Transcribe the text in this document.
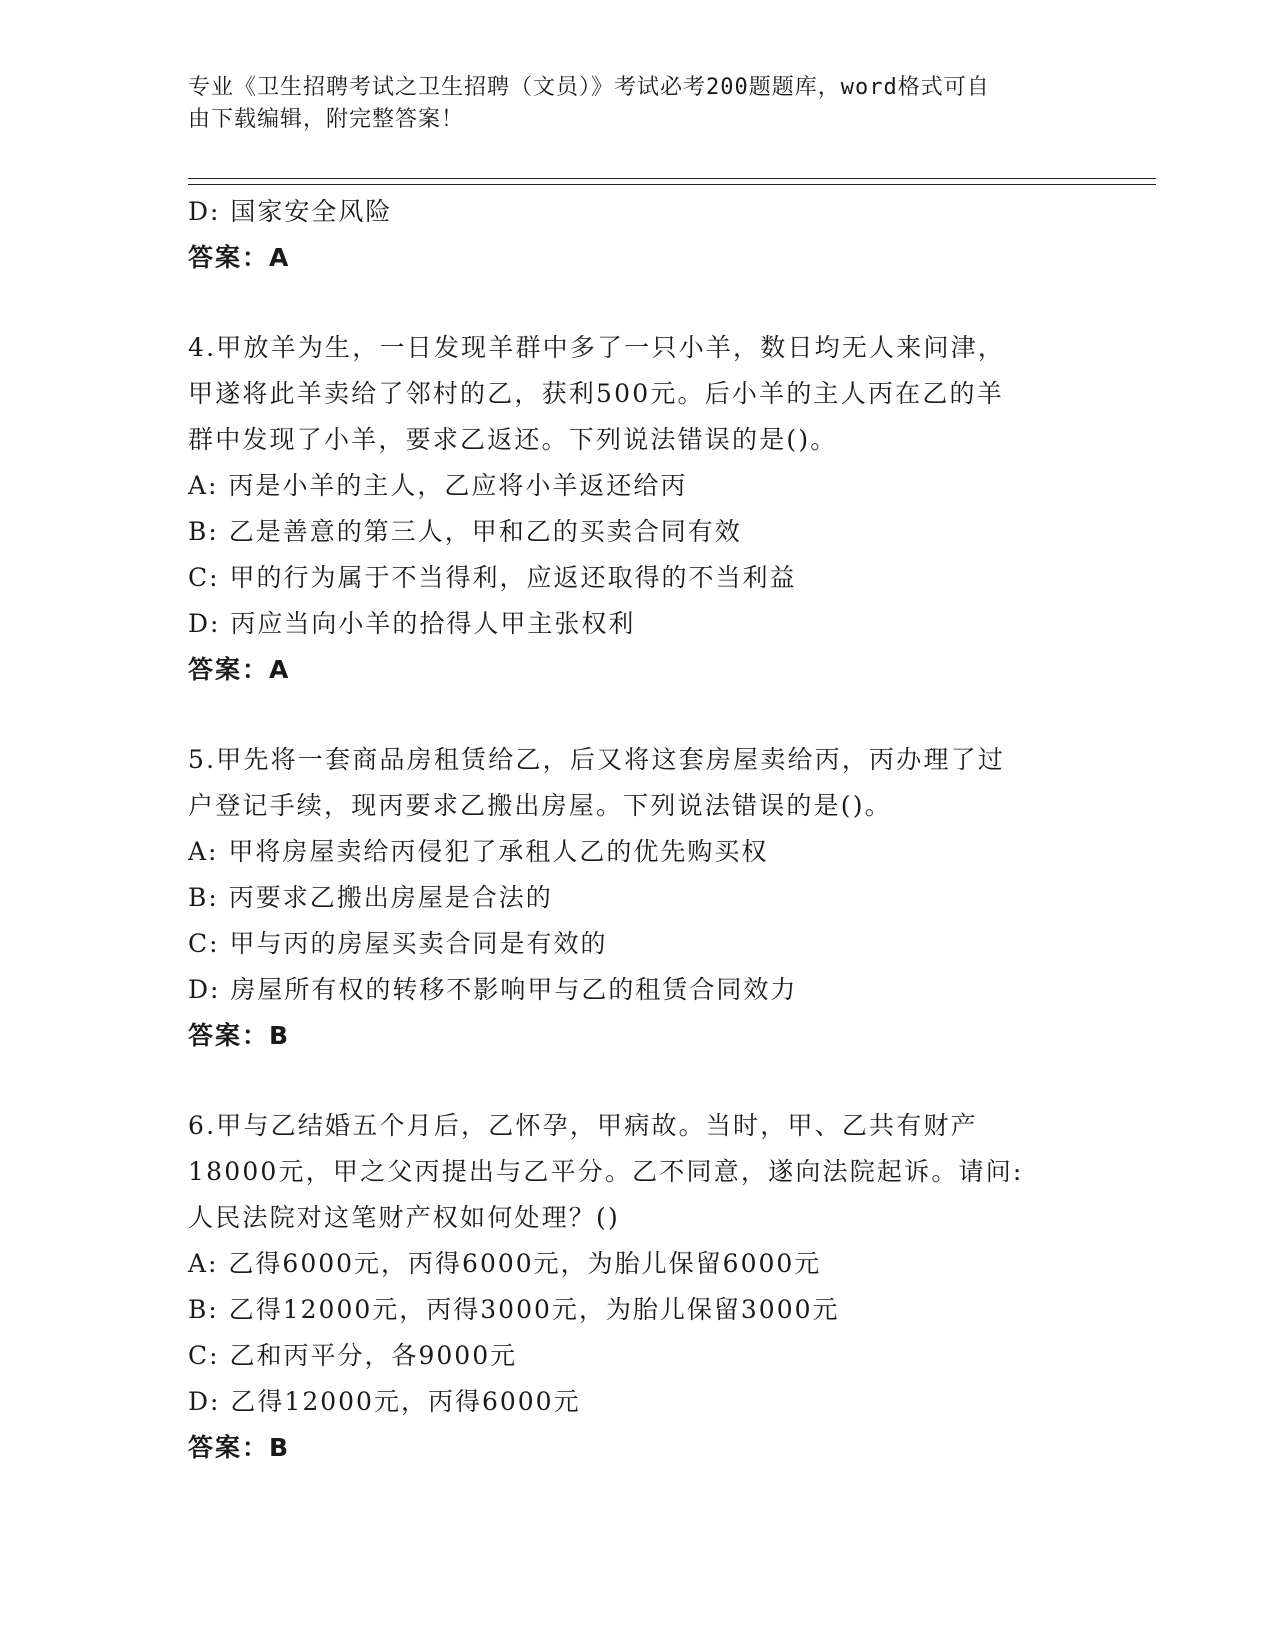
专业《卫生招聘考试之卫生招聘（文员）》考试必考200题题库，word格式可自
由下载编辑，附完整答案！
D: 国家安全风险
答案：A
4.甲放羊为生，一日发现羊群中多了一只小羊，数日均无人来问津，
甲遂将此羊卖给了邻村的乙，获利500元。后小羊的主人丙在乙的羊
群中发现了小羊，要求乙返还。下列说法错误的是()。
A: 丙是小羊的主人，乙应将小羊返还给丙
B: 乙是善意的第三人，甲和乙的买卖合同有效
C: 甲的行为属于不当得利，应返还取得的不当利益
D: 丙应当向小羊的拾得人甲主张权利
答案：A
5.甲先将一套商品房租赁给乙，后又将这套房屋卖给丙，丙办理了过
户登记手续，现丙要求乙搬出房屋。下列说法错误的是()。
A: 甲将房屋卖给丙侵犯了承租人乙的优先购买权
B: 丙要求乙搬出房屋是合法的
C: 甲与丙的房屋买卖合同是有效的
D: 房屋所有权的转移不影响甲与乙的租赁合同效力
答案：B
6.甲与乙结婚五个月后，乙怀孕，甲病故。当时，甲、乙共有财产
18000元，甲之父丙提出与乙平分。乙不同意，遂向法院起诉。请问:
人民法院对这笔财产权如何处理？()
A: 乙得6000元，丙得6000元，为胎儿保留6000元
B: 乙得12000元，丙得3000元，为胎儿保留3000元
C: 乙和丙平分，各9000元
D: 乙得12000元，丙得6000元
答案：B
